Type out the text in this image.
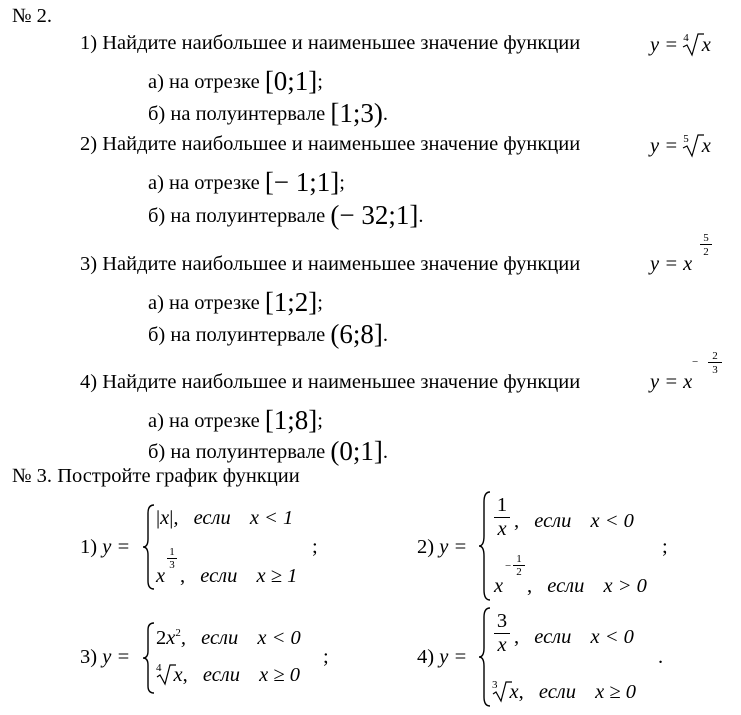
№ 2.
1) Найдите наибольшее и наименьшее значение функции	y = $^4$ x
а) на отрезке [0;1];
б) на полуинтервале [1;3).
2) Найдите наибольшее и наименьшее значение функции	y = $^5$ x
а) на отрезке [− 1;1];
б) на полуинтервале (− 32;1].
3) Найдите наибольшее и наименьшее значение функции	y = x
$\frac{5}{2}$
а) на отрезке [1;2];
б) на полуинтервале (6;8].
4) Найдите наибольшее и наименьшее значение функции	y = x
−	2
3
а) на отрезке [1;8];
б) на полуинтервале (0;1].
№ 3. Постройте график функции
1) y =
|x|, если x < 1
x
$\frac{1}{3}$
, если x ≥ 1
;	2) y =
$\frac{1}{x}$ , если x < 0
x
−
1
2
, если x > 0
;
3) y =
$2x^2$, если x < 0
$^4$ x, если x ≥ 0
;	4) $y = \frac{3}{x}$ , если x < 0
$^3$ x, если x ≥ 0
.
